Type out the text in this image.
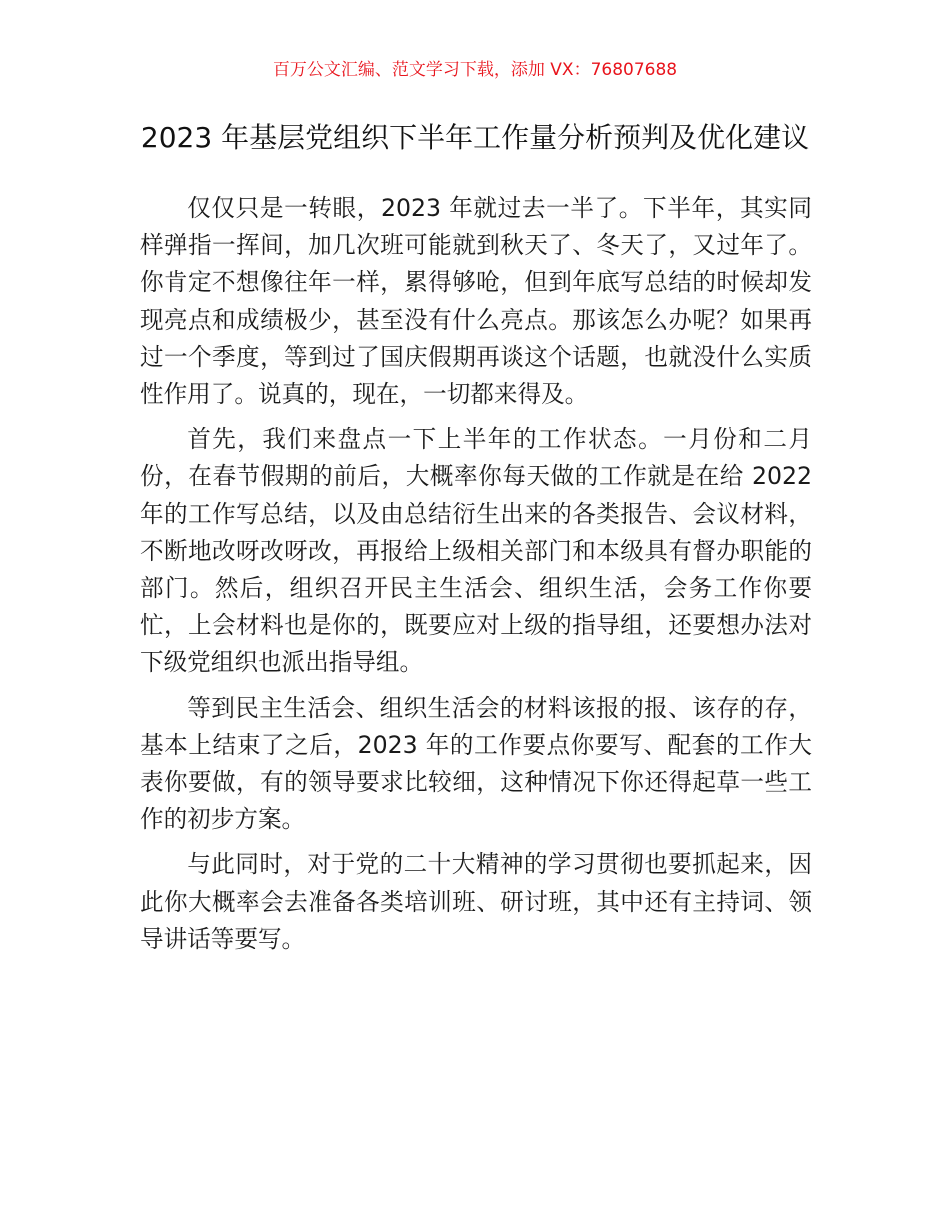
百万公文汇编、范文学习下载，添加 VX：76807688
2023 年基层党组织下半年工作量分析预判及优化建议

仅仅只是一转眼，2023 年就过去一半了。下半年，其实同样弹指一挥间，加几次班可能就到秋天了、冬天了，又过年了。你肯定不想像往年一样，累得够呛，但到年底写总结的时候却发现亮点和成绩极少，甚至没有什么亮点。那该怎么办呢？如果再过一个季度，等到过了国庆假期再谈这个话题，也就没什么实质性作用了。说真的，现在，一切都来得及。

首先，我们来盘点一下上半年的工作状态。一月份和二月份，在春节假期的前后，大概率你每天做的工作就是在给 2022 年的工作写总结，以及由总结衍生出来的各类报告、会议材料，不断地改呀改呀改，再报给上级相关部门和本级具有督办职能的部门。然后，组织召开民主生活会、组织生活，会务工作你要忙，上会材料也是你的，既要应对上级的指导组，还要想办法对下级党组织也派出指导组。

等到民主生活会、组织生活会的材料该报的报、该存的存，基本上结束了之后，2023 年的工作要点你要写、配套的工作大表你要做，有的领导要求比较细，这种情况下你还得起草一些工作的初步方案。

与此同时，对于党的二十大精神的学习贯彻也要抓起来，因此你大概率会去准备各类培训班、研讨班，其中还有主持词、领导讲话等要写。
